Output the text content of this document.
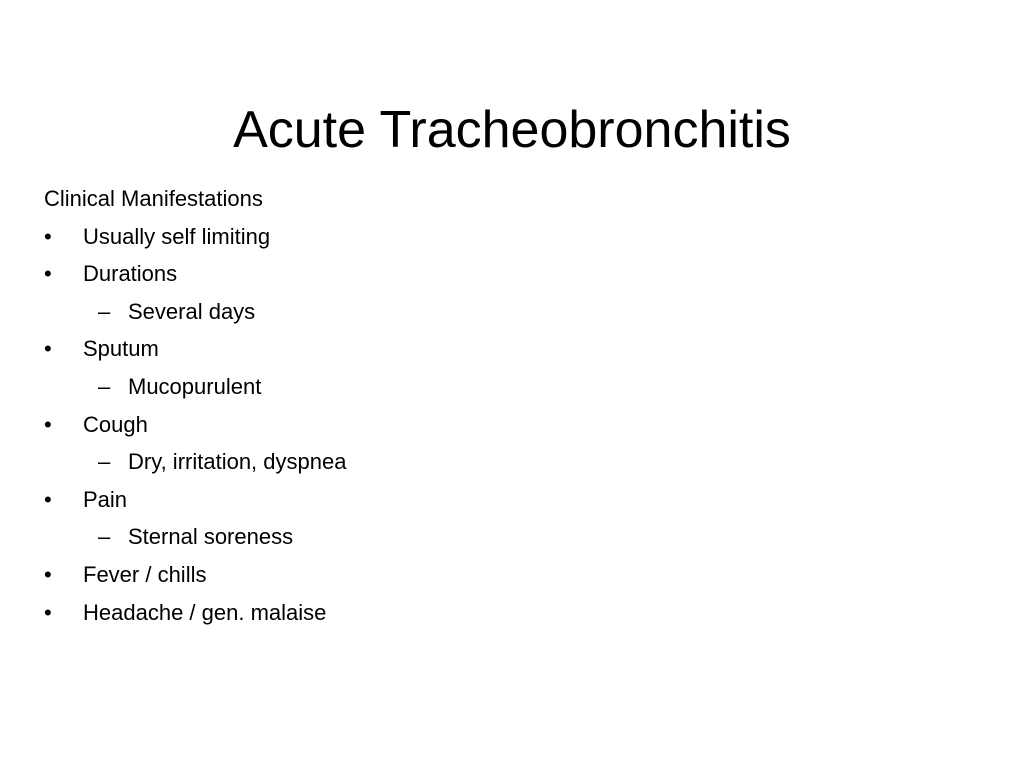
Acute Tracheobronchitis
Clinical Manifestations
• Usually self limiting
• Durations
– Several days
• Sputum
– Mucopurulent
• Cough
– Dry, irritation, dyspnea
• Pain
– Sternal soreness
• Fever / chills
• Headache / gen. malaise
